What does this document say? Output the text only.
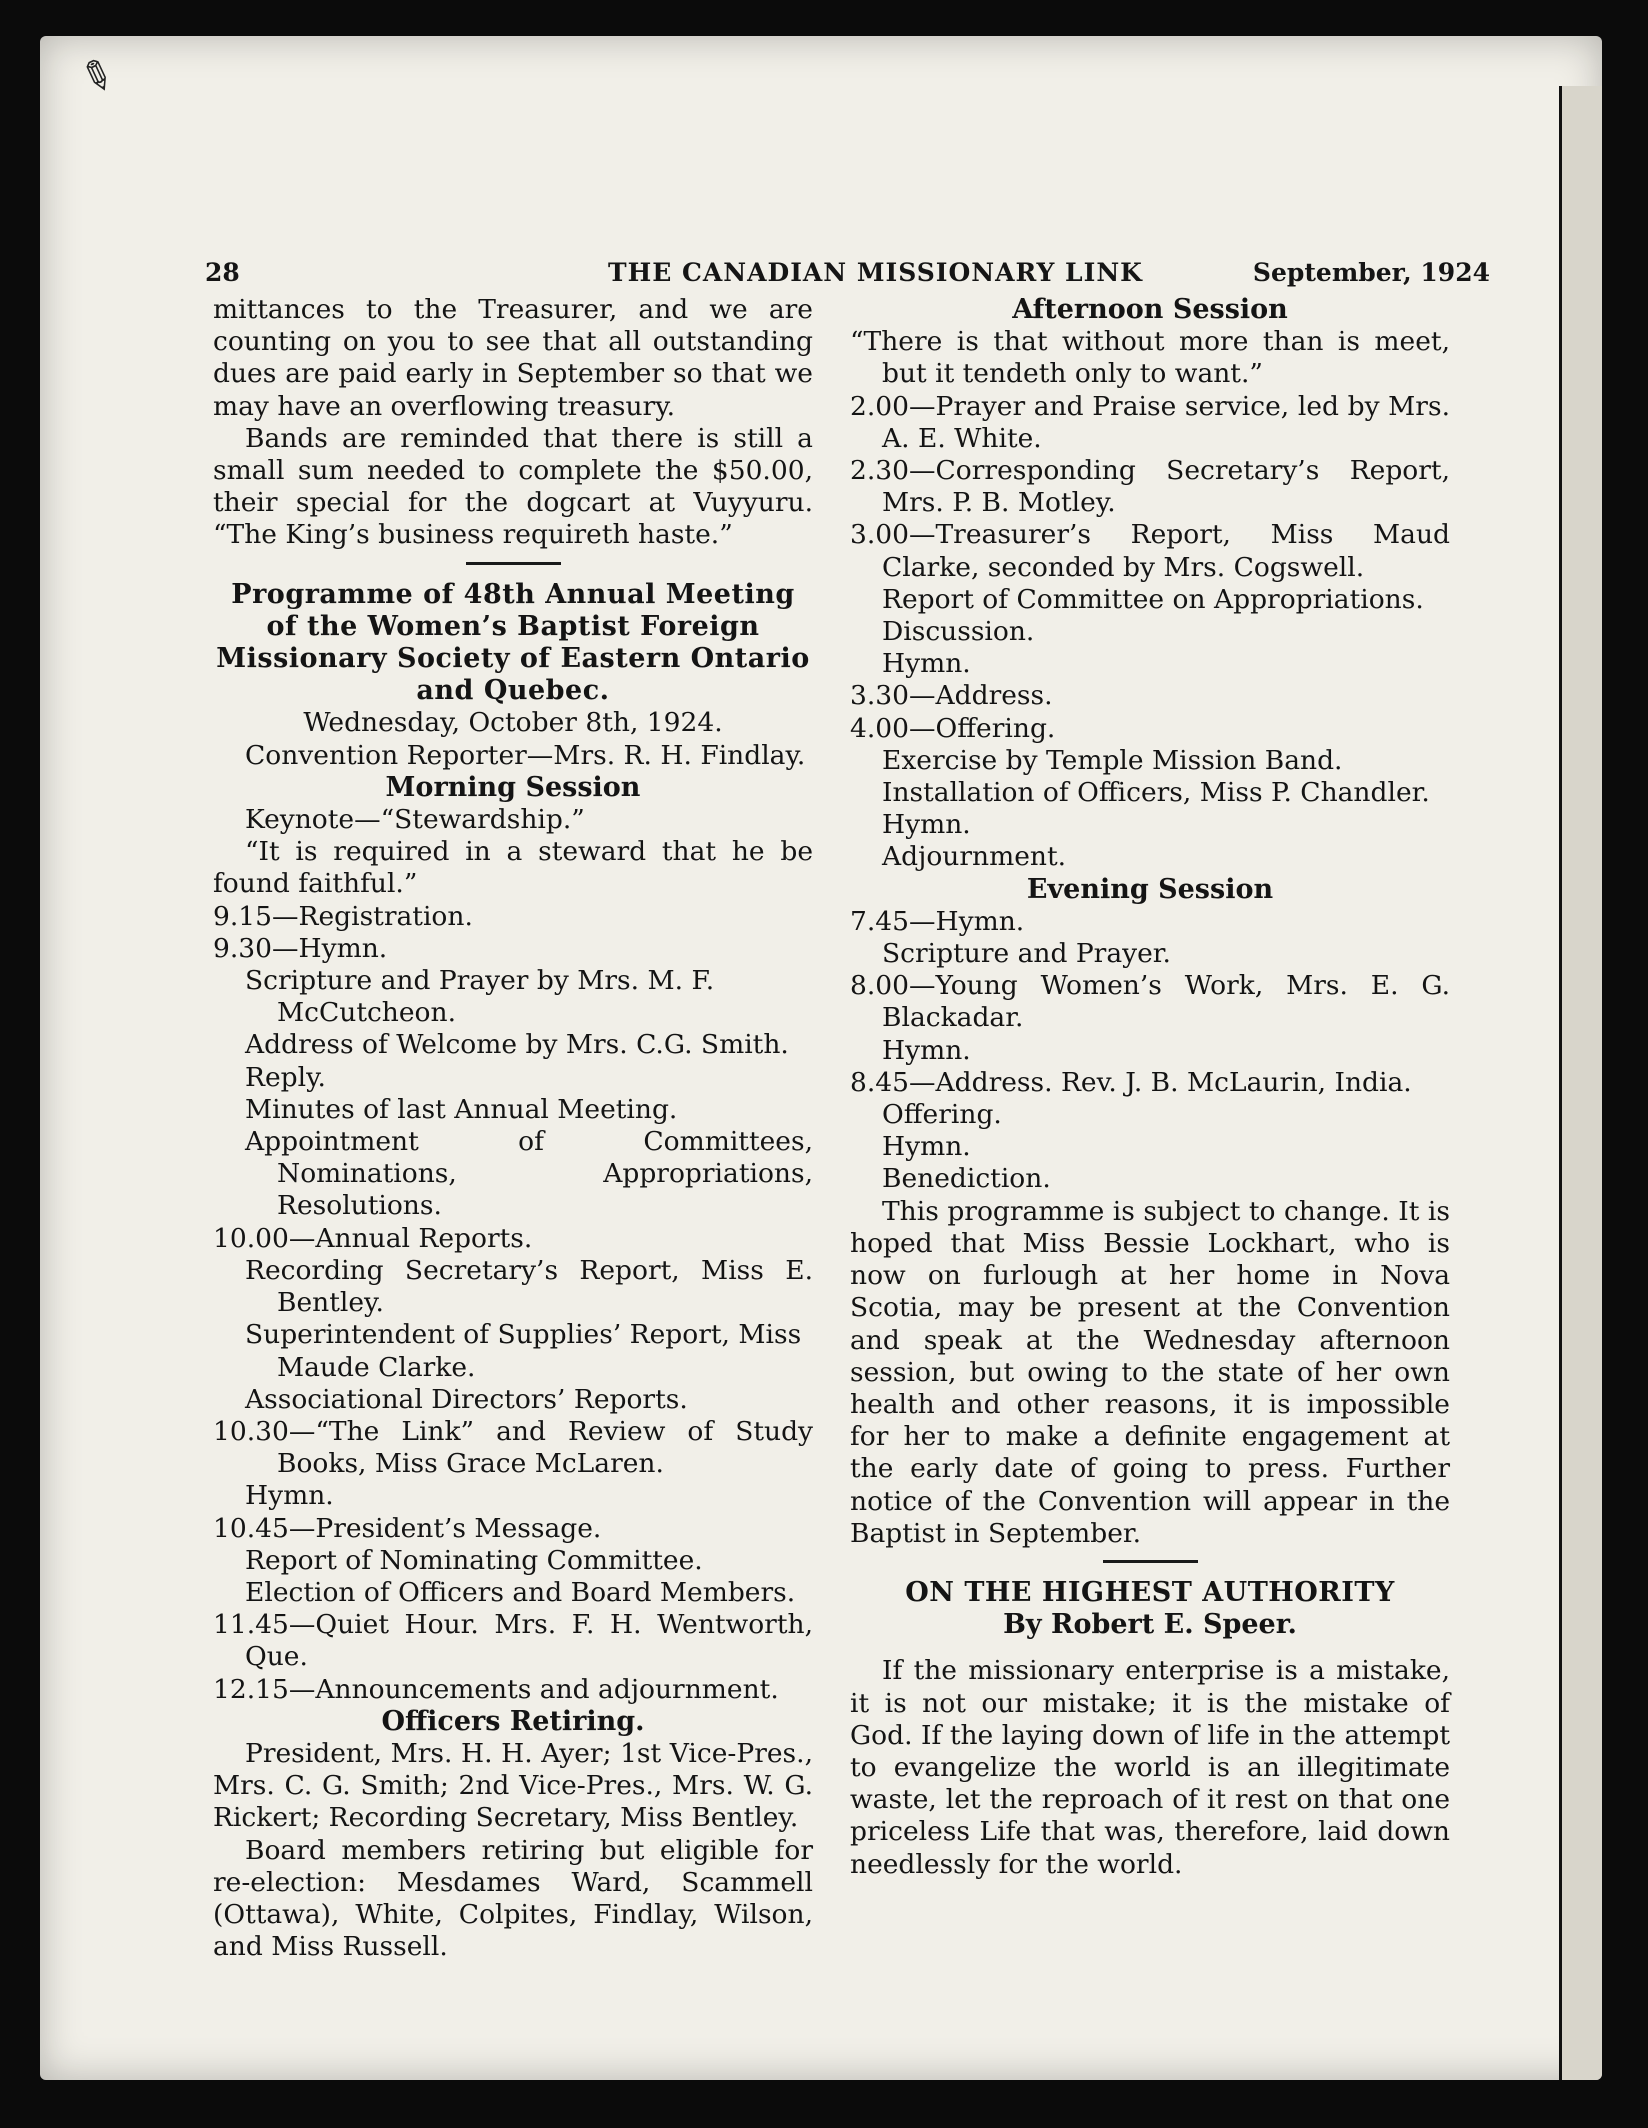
✎
28	THE CANADIAN MISSIONARY LINK	September, 1924

mittances to the Treasurer, and we are counting on you to see that all outstanding dues are paid early in September so that we may have an overflowing treasury.

Bands are reminded that there is still a small sum needed to complete the $50.00, their special for the dogcart at Vuyyuru. “The King’s business requireth haste.”

Programme of 48th Annual Meeting of the Women’s Baptist Foreign Missionary Society of Eastern Ontario and Quebec.

Wednesday, October 8th, 1924.

Convention Reporter—Mrs. R. H. Findlay.

Morning Session

Keynote—“Stewardship.”

“It is required in a steward that he be found faithful.”

9.15—Registration.

9.30—Hymn.

Scripture and Prayer by Mrs. M. F. McCutcheon.

Address of Welcome by Mrs. C.G. Smith.

Reply.

Minutes of last Annual Meeting.

Appointment of Committees, Nominations, Appropriations, Resolutions.

10.00—Annual Reports.

Recording Secretary’s Report, Miss E. Bentley.

Superintendent of Supplies’ Report, Miss Maude Clarke.

Associational Directors’ Reports.

10.30—“The Link” and Review of Study Books, Miss Grace McLaren.

Hymn.

10.45—President’s Message.

Report of Nominating Committee.

Election of Officers and Board Members.

11.45—Quiet Hour. Mrs. F. H. Wentworth, Que.

12.15—Announcements and adjournment.

Officers Retiring.

President, Mrs. H. H. Ayer; 1st Vice-Pres., Mrs. C. G. Smith; 2nd Vice-Pres., Mrs. W. G. Rickert; Recording Secretary, Miss Bentley.

Board members retiring but eligible for re-election: Mesdames Ward, Scammell (Ottawa), White, Colpites, Findlay, Wilson, and Miss Russell.

Afternoon Session

“There is that without more than is meet, but it tendeth only to want.”

2.00—Prayer and Praise service, led by Mrs. A. E. White.

2.30—Corresponding Secretary’s Report, Mrs. P. B. Motley.

3.00—Treasurer’s Report, Miss Maud Clarke, seconded by Mrs. Cogswell.

Report of Committee on Appropriations.

Discussion.

Hymn.

3.30—Address.

4.00—Offering.

Exercise by Temple Mission Band.

Installation of Officers, Miss P. Chandler.

Hymn.

Adjournment.

Evening Session

7.45—Hymn.

Scripture and Prayer.

8.00—Young Women’s Work, Mrs. E. G. Blackadar.

Hymn.

8.45—Address. Rev. J. B. McLaurin, India.

Offering.

Hymn.

Benediction.

This programme is subject to change. It is hoped that Miss Bessie Lockhart, who is now on furlough at her home in Nova Scotia, may be present at the Convention and speak at the Wednesday afternoon session, but owing to the state of her own health and other reasons, it is impossible for her to make a definite engagement at the early date of going to press. Further notice of the Convention will appear in the Baptist in September.

ON THE HIGHEST AUTHORITY

By Robert E. Speer.

If the missionary enterprise is a mistake, it is not our mistake; it is the mistake of God. If the laying down of life in the attempt to evangelize the world is an illegitimate waste, let the reproach of it rest on that one priceless Life that was, therefore, laid down needlessly for the world.
